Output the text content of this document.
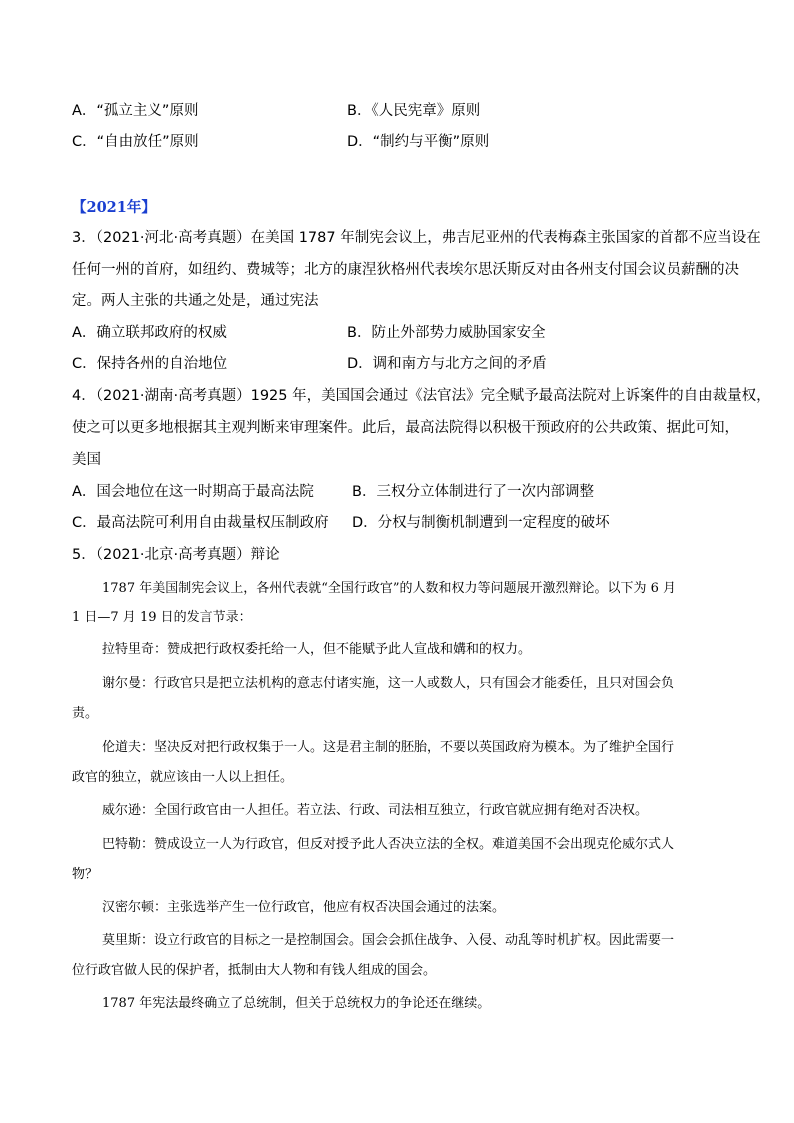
A．“孤立主义”原则	B．《人民宪章》原则
C．“自由放任”原则	D．“制约与平衡”原则
【2021年】
3．（2021·河北·高考真题）在美国 1787 年制宪会议上，弗吉尼亚州的代表梅森主张国家的首都不应当设在
任何一州的首府，如纽约、费城等；北方的康涅狄格州代表埃尔思沃斯反对由各州支付国会议员薪酬的决
定。两人主张的共通之处是，通过宪法
A．确立联邦政府的权威	B．防止外部势力威胁国家安全
C．保持各州的自治地位	D．调和南方与北方之间的矛盾
4．（2021·湖南·高考真题）1925 年，美国国会通过《法官法》完全赋予最高法院对上诉案件的自由裁量权，
使之可以更多地根据其主观判断来审理案件。此后，最高法院得以积极干预政府的公共政策、据此可知，
美国
A．国会地位在这一时期高于最高法院	B．三权分立体制进行了一次内部调整
C．最高法院可利用自由裁量权压制政府 D．分权与制衡机制遭到一定程度的破坏
5．（2021·北京·高考真题）辩论
1787 年美国制宪会议上，各州代表就“全国行政官”的人数和权力等问题展开激烈辩论。以下为 6 月
1 日—7 月 19 日的发言节录：
拉特里奇：赞成把行政权委托给一人，但不能赋予此人宣战和媾和的权力。
谢尔曼：行政官只是把立法机构的意志付诸实施，这一人或数人，只有国会才能委任，且只对国会负
责。
伦道夫：坚决反对把行政权集于一人。这是君主制的胚胎，不要以英国政府为模本。为了维护全国行
政官的独立，就应该由一人以上担任。
威尔逊：全国行政官由一人担任。若立法、行政、司法相互独立，行政官就应拥有绝对否决权。
巴特勒：赞成设立一人为行政官，但反对授予此人否决立法的全权。难道美国不会出现克伦威尔式人
物？
汉密尔顿：主张选举产生一位行政官，他应有权否决国会通过的法案。
莫里斯：设立行政官的目标之一是控制国会。国会会抓住战争、入侵、动乱等时机扩权。因此需要一
位行政官做人民的保护者，抵制由大人物和有钱人组成的国会。
1787 年宪法最终确立了总统制，但关于总统权力的争论还在继续。
